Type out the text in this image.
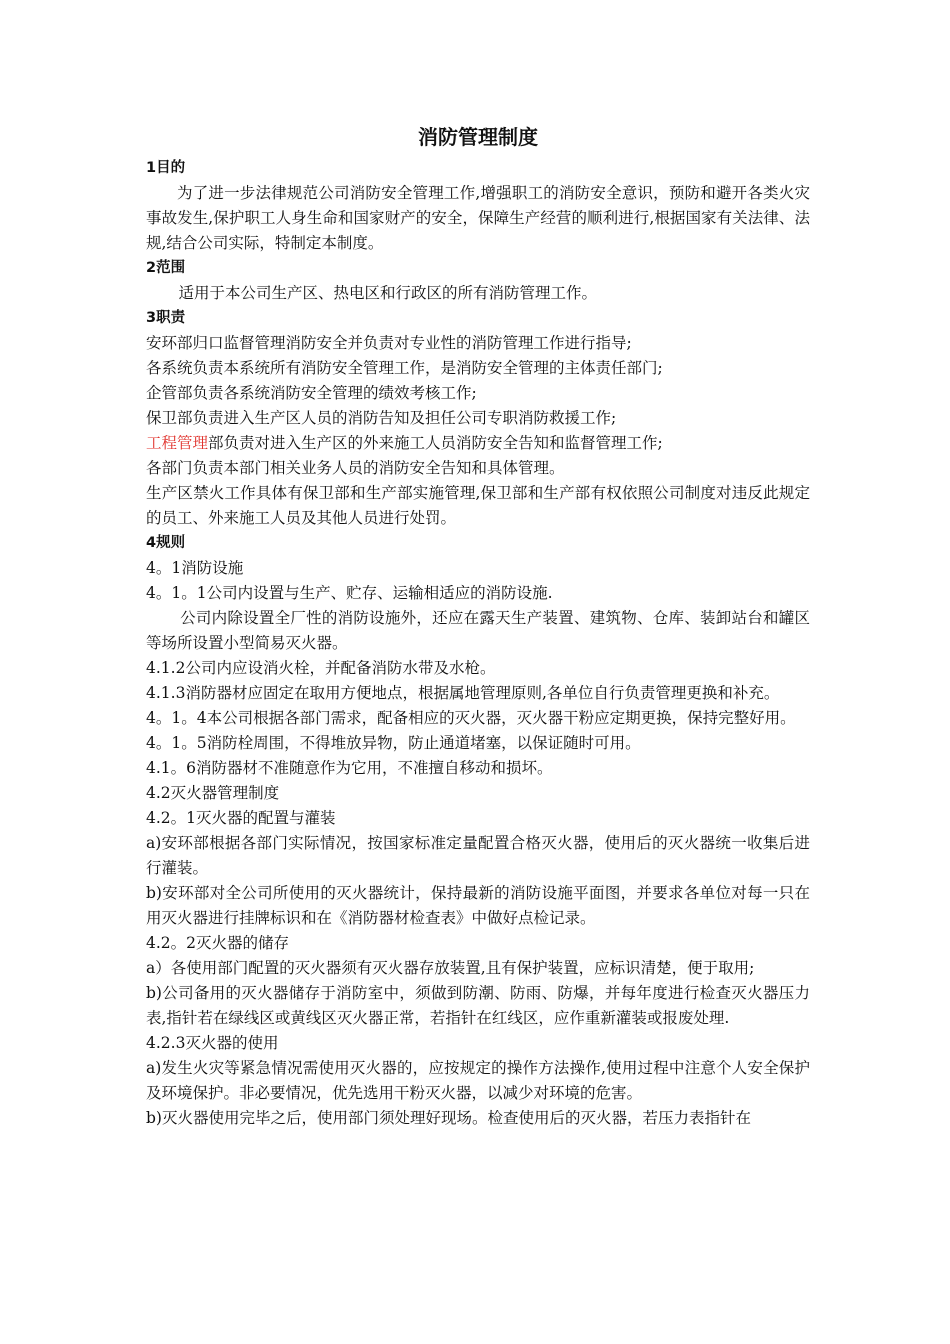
消防管理制度
1目的

为了进一步法律规范公司消防安全管理工作,增强职工的消防安全意识，预防和避开各类火灾事故发生,保护职工人身生命和国家财产的安全，保障生产经营的顺利进行,根据国家有关法律、法规,结合公司实际，特制定本制度。

2范围

适用于本公司生产区、热电区和行政区的所有消防管理工作。

3职责

安环部归口监督管理消防安全并负责对专业性的消防管理工作进行指导;

各系统负责本系统所有消防安全管理工作，是消防安全管理的主体责任部门;

企管部负责各系统消防安全管理的绩效考核工作;

保卫部负责进入生产区人员的消防告知及担任公司专职消防救援工作;

工程管理部负责对进入生产区的外来施工人员消防安全告知和监督管理工作;

各部门负责本部门相关业务人员的消防安全告知和具体管理。

生产区禁火工作具体有保卫部和生产部实施管理,保卫部和生产部有权依照公司制度对违反此规定的员工、外来施工人员及其他人员进行处罚。

4规则

4。1消防设施

4。1。1公司内设置与生产、贮存、运输相适应的消防设施.

公司内除设置全厂性的消防设施外，还应在露天生产装置、建筑物、仓库、装卸站台和罐区等场所设置小型简易灭火器。

4.1.2公司内应设消火栓，并配备消防水带及水枪。

4.1.3消防器材应固定在取用方便地点，根据属地管理原则,各单位自行负责管理更换和补充。

4。1。4本公司根据各部门需求，配备相应的灭火器，灭火器干粉应定期更换，保持完整好用。

4。1。5消防栓周围，不得堆放异物，防止通道堵塞，以保证随时可用。

4.1。6消防器材不准随意作为它用，不准擅自移动和损坏。

4.2灭火器管理制度

4.2。1灭火器的配置与灌装

a)安环部根据各部门实际情况，按国家标准定量配置合格灭火器，使用后的灭火器统一收集后进行灌装。

b)安环部对全公司所使用的灭火器统计，保持最新的消防设施平面图，并要求各单位对每一只在用灭火器进行挂牌标识和在《消防器材检查表》中做好点检记录。

4.2。2灭火器的储存

a）各使用部门配置的灭火器须有灭火器存放装置,且有保护装置，应标识清楚，便于取用;

b)公司备用的灭火器储存于消防室中，须做到防潮、防雨、防爆，并每年度进行检查灭火器压力表,指针若在绿线区或黄线区灭火器正常，若指针在红线区，应作重新灌装或报废处理.

4.2.3灭火器的使用

a)发生火灾等紧急情况需使用灭火器的，应按规定的操作方法操作,使用过程中注意个人安全保护及环境保护。非必要情况，优先选用干粉灭火器，以减少对环境的危害。

b)灭火器使用完毕之后，使用部门须处理好现场。检查使用后的灭火器，若压力表指针在
